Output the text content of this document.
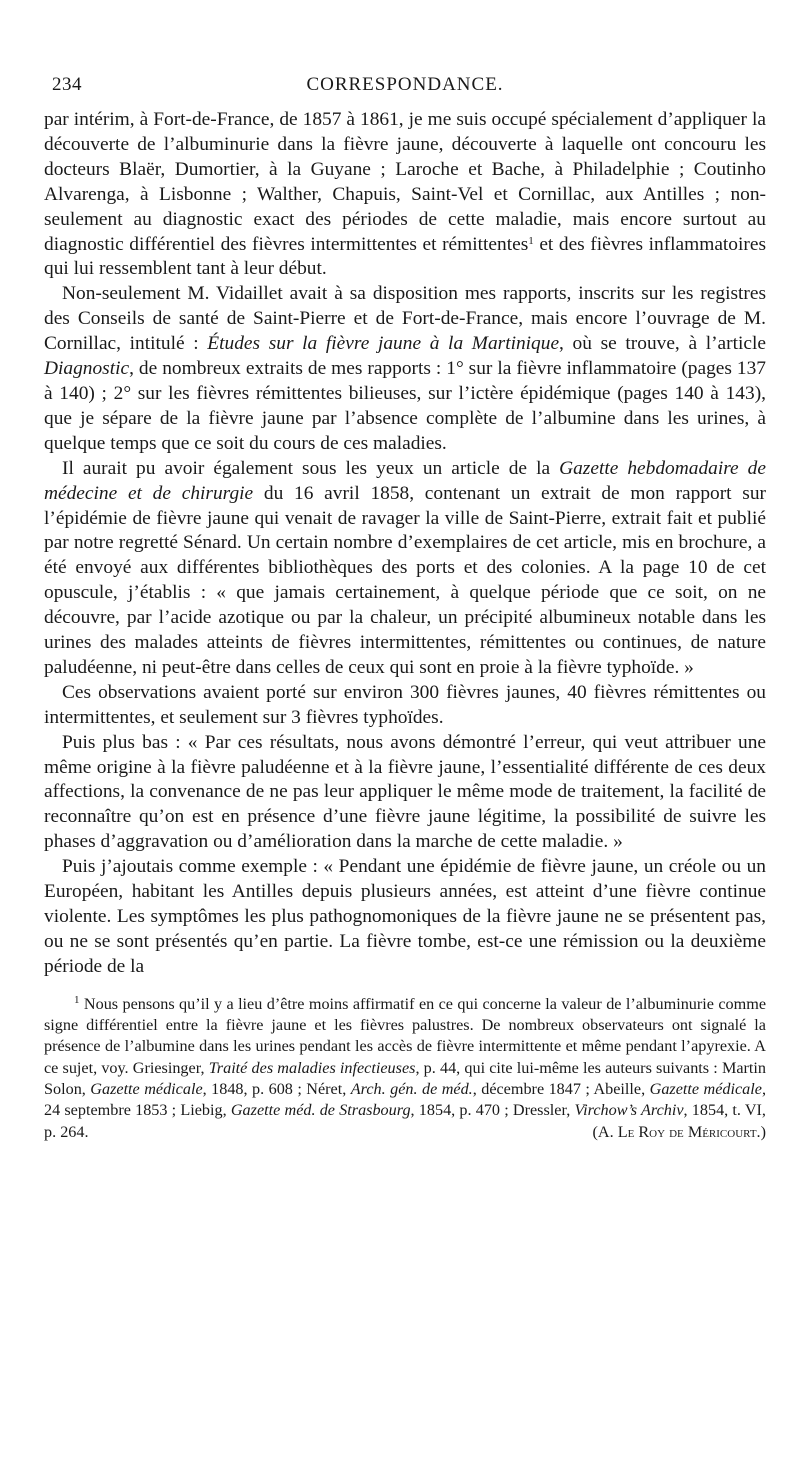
234	CORRESPONDANCE.

par intérim, à Fort-de-France, de 1857 à 1861, je me suis occupé spécialement d’appliquer la découverte de l’albuminurie dans la fièvre jaune, découverte à laquelle ont concouru les docteurs Blaër, Dumortier, à la Guyane ; Laroche et Bache, à Philadelphie ; Coutinho Alvarenga, à Lisbonne ; Walther, Chapuis, Saint-Vel et Cornillac, aux Antilles ; non-seulement au diagnostic exact des périodes de cette maladie, mais encore surtout au diagnostic différentiel des fièvres intermittentes et rémittentes$^1$ et des fièvres inflammatoires qui lui ressemblent tant à leur début.

Non-seulement M. Vidaillet avait à sa disposition mes rapports, inscrits sur les registres des Conseils de santé de Saint-Pierre et de Fort-de-France, mais encore l’ouvrage de M. Cornillac, intitulé : Études sur la fièvre jaune à la Martinique, où se trouve, à l’article Diagnostic, de nombreux extraits de mes rapports : 1° sur la fièvre inflammatoire (pages 137 à 140) ; 2° sur les fièvres rémittentes bilieuses, sur l’ictère épidémique (pages 140 à 143), que je sépare de la fièvre jaune par l’absence complète de l’albumine dans les urines, à quelque temps que ce soit du cours de ces maladies.

Il aurait pu avoir également sous les yeux un article de la Gazette hebdomadaire de médecine et de chirurgie du 16 avril 1858, contenant un extrait de mon rapport sur l’épidémie de fièvre jaune qui venait de ravager la ville de Saint-Pierre, extrait fait et publié par notre regretté Sénard. Un certain nombre d’exemplaires de cet article, mis en brochure, a été envoyé aux différentes bibliothèques des ports et des colonies. A la page 10 de cet opuscule, j’établis : « que jamais certainement, à quelque période que ce soit, on ne découvre, par l’acide azotique ou par la chaleur, un précipité albumineux notable dans les urines des malades atteints de fièvres intermittentes, rémittentes ou continues, de nature paludéenne, ni peut-être dans celles de ceux qui sont en proie à la fièvre typhoïde. »

Ces observations avaient porté sur environ 300 fièvres jaunes, 40 fièvres rémittentes ou intermittentes, et seulement sur 3 fièvres typhoïdes.

Puis plus bas : « Par ces résultats, nous avons démontré l’erreur, qui veut attribuer une même origine à la fièvre paludéenne et à la fièvre jaune, l’essentialité différente de ces deux affections, la convenance de ne pas leur appliquer le même mode de traitement, la facilité de reconnaître qu’on est en présence d’une fièvre jaune légitime, la possibilité de suivre les phases d’aggravation ou d’amélioration dans la marche de cette maladie. »

Puis j’ajoutais comme exemple : « Pendant une épidémie de fièvre jaune, un créole ou un Européen, habitant les Antilles depuis plusieurs années, est atteint d’une fièvre continue violente. Les symptômes les plus pathognomoniques de la fièvre jaune ne se présentent pas, ou ne se sont présentés qu’en partie. La fièvre tombe, est-ce une rémission ou la deuxième période de la

$^1$ Nous pensons qu’il y a lieu d’être moins affirmatif en ce qui concerne la valeur de l’albuminurie comme signe différentiel entre la fièvre jaune et les fièvres palustres. De nombreux observateurs ont signalé la présence de l’albumine dans les urines pendant les accès de fièvre intermittente et même pendant l’apyrexie. A ce sujet, voy. Griesinger, Traité des maladies infectieuses, p. 44, qui cite lui-même les auteurs suivants : Martin Solon, Gazette médicale, 1848, p. 608 ; Néret, Arch. gén. de méd., décembre 1847 ; Abeille, Gazette médicale, 24 septembre 1853 ; Liebig, Gazette méd. de Strasbourg, 1854, p. 470 ; Dressler, Virchow’s Archiv, 1854, t. VI, p. 264.	(A. Le Roy de Méricourt.)
